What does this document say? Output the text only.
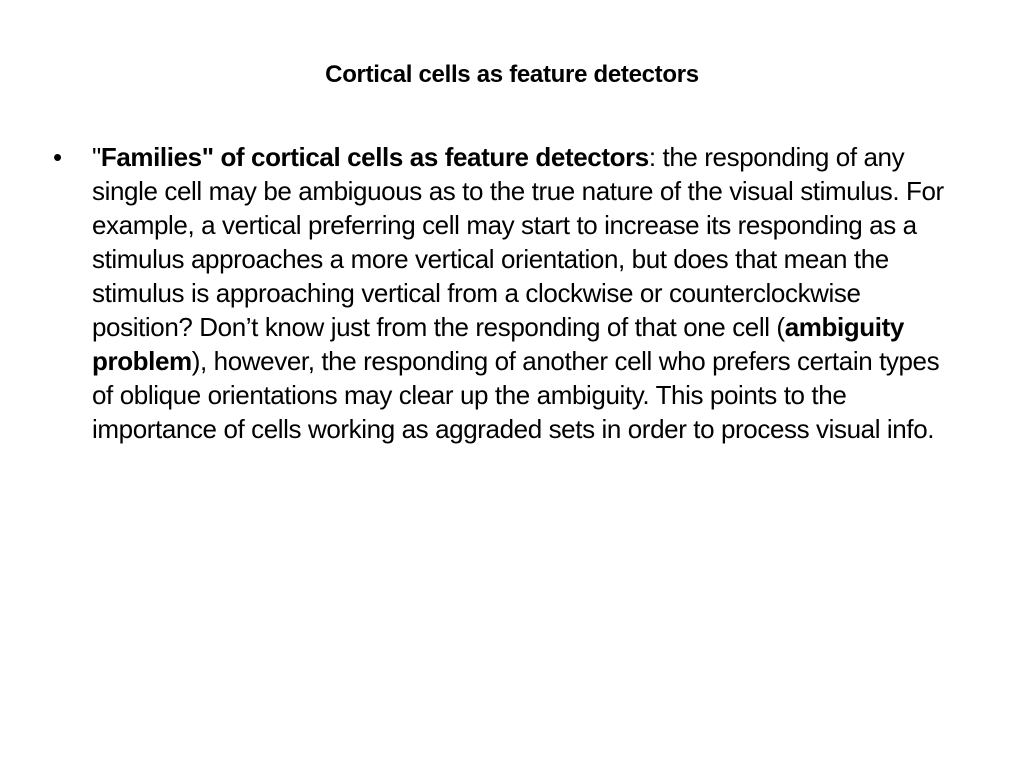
Cortical cells as feature detectors
•	"Families" of cortical cells as feature detectors: the responding of any single cell may be ambiguous as to the true nature of the visual stimulus. For example, a vertical preferring cell may start to increase its responding as a stimulus approaches a more vertical orientation, but does that mean the stimulus is approaching vertical from a clockwise or counterclockwise position? Don’t know just from the responding of that one cell (ambiguity problem), however, the responding of another cell who prefers certain types of oblique orientations may clear up the ambiguity. This points to the importance of cells working as aggraded sets in order to process visual info.
